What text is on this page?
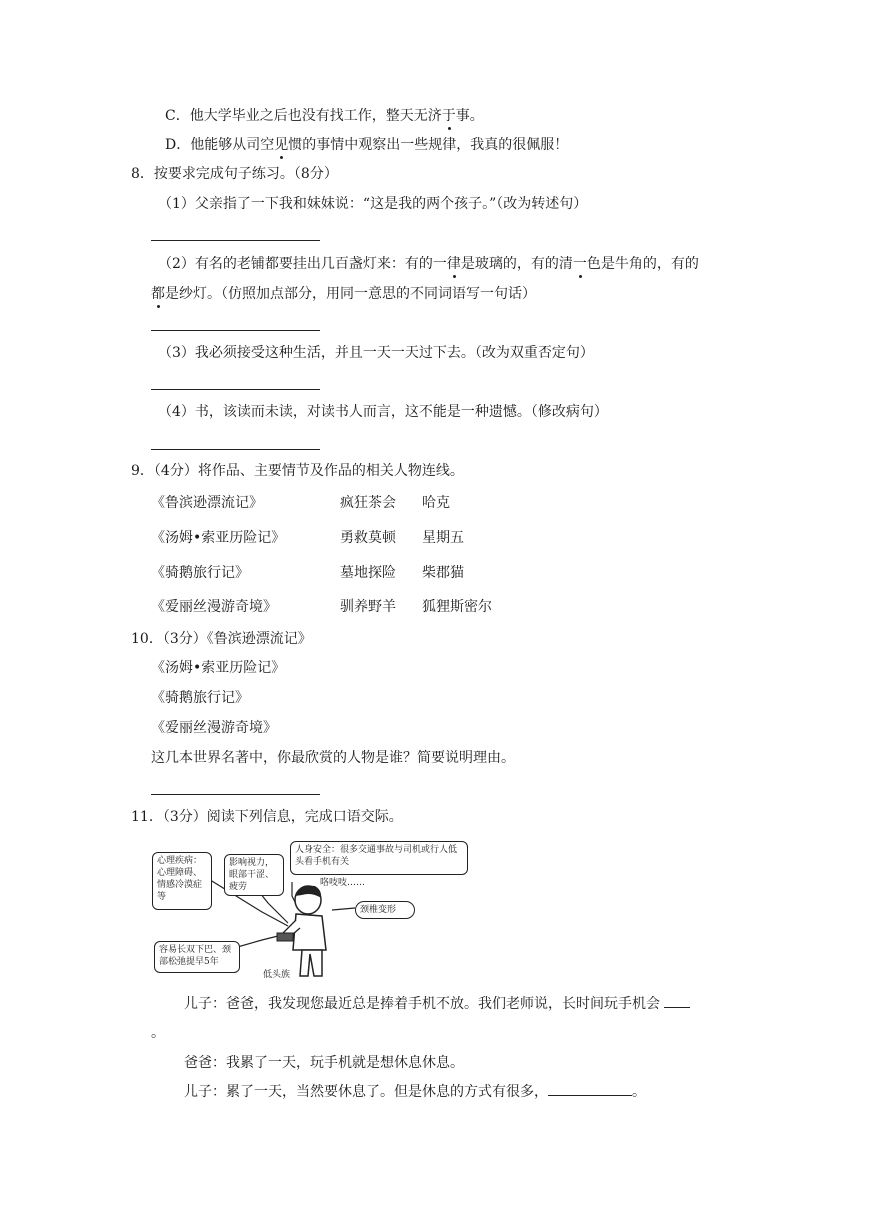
C．他大学毕业之后也没有找工作，整天无济于事。
D．他能够从司空见惯的事情中观察出一些规律，我真的很佩服！
8．按要求完成句子练习。（8分）
（1）父亲指了一下我和妹妹说：“这是我的两个孩子。”（改为转述句）
（2）有名的老铺都要挂出几百盏灯来：有的一律是玻璃的，有的清一色是牛角的，有的
都是纱灯。（仿照加点部分，用同一意思的不同词语写一句话）
（3）我必须接受这种生活，并且一天一天过下去。（改为双重否定句）
（4）书，该读而未读，对读书人而言，这不能是一种遗憾。（修改病句）
9．（4分）将作品、主要情节及作品的相关人物连线。
《鲁滨逊漂流记》
《汤姆•索亚历险记》
《骑鹅旅行记》
《爱丽丝漫游奇境》
疯狂茶会
勇救莫顿
墓地探险
驯养野羊
哈克
星期五
柴郡猫
狐狸斯密尔
10．（3分）《鲁滨逊漂流记》
《汤姆•索亚历险记》
《骑鹅旅行记》
《爱丽丝漫游奇境》
这几本世界名著中，你最欣赏的人物是谁？简要说明理由。
11．（3分）阅读下列信息，完成口语交际。
心理疾病：心理障碍、情感冷漠症等
影响视力，眼部干涩、疲劳
人身安全：很多交通事故与司机或行人低头看手机有关
咯吱吱……
颈椎变形
容易长双下巴、颈部松弛提早5年
低头族
儿子：爸爸，我发现您最近总是捧着手机不放。我们老师说，长时间玩手机会
。
爸爸：我累了一天，玩手机就是想休息休息。
儿子：累了一天，当然要休息了。但是休息的方式有很多，	。
